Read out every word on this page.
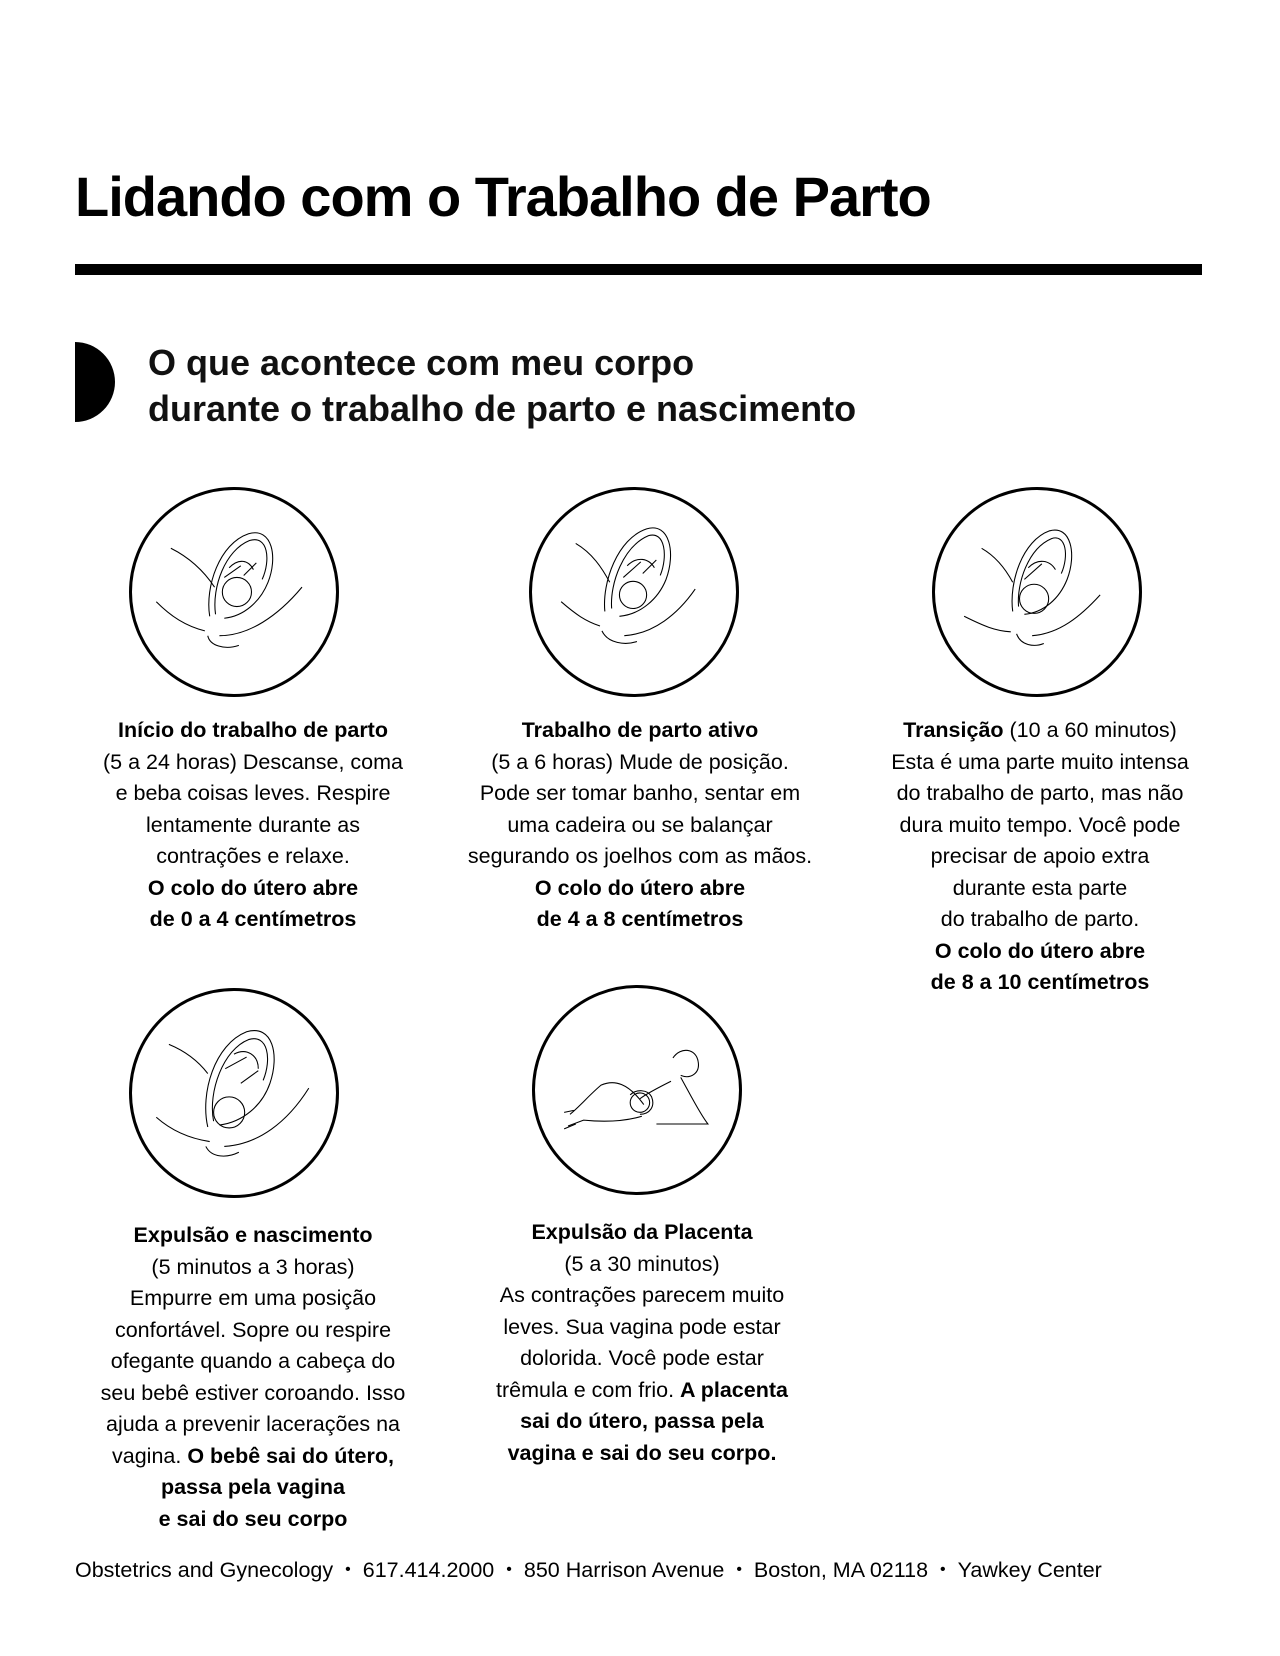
Lidando com o Trabalho de Parto
O que acontece com meu corpo
durante o trabalho de parto e nascimento
Início do trabalho de parto
(5 a 24 horas) Descanse, coma
e beba coisas leves. Respire
lentamente durante as
contrações e relaxe.
O colo do útero abre
de 0 a 4 centímetros
Trabalho de parto ativo
(5 a 6 horas) Mude de posição.
Pode ser tomar banho, sentar em
uma cadeira ou se balançar
segurando os joelhos com as mãos.
O colo do útero abre
de 4 a 8 centímetros
Transição (10 a 60 minutos)
Esta é uma parte muito intensa
do trabalho de parto, mas não
dura muito tempo. Você pode
precisar de apoio extra
durante esta parte
do trabalho de parto.
O colo do útero abre
de 8 a 10 centímetros
Expulsão e nascimento
(5 minutos a 3 horas)
Empurre em uma posição
confortável. Sopre ou respire
ofegante quando a cabeça do
seu bebê estiver coroando. Isso
ajuda a prevenir lacerações na
vagina. O bebê sai do útero,
passa pela vagina
e sai do seu corpo
Expulsão da Placenta
(5 a 30 minutos)
As contrações parecem muito
leves. Sua vagina pode estar
dolorida. Você pode estar
trêmula e com frio. A placenta
sai do útero, passa pela
vagina e sai do seu corpo.
Obstetrics and Gynecology • 617.414.2000 • 850 Harrison Avenue • Boston, MA 02118 • Yawkey Center
